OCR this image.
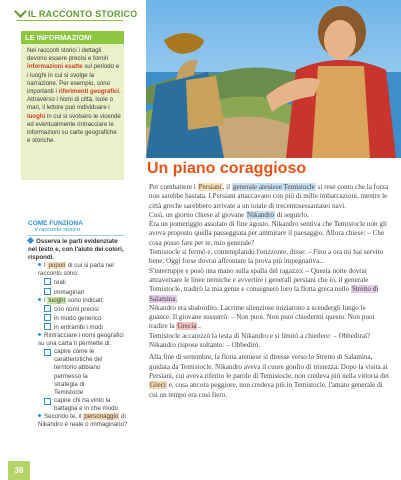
IL RACCONTO STORICO
LE INFORMAZIONI
Nei racconti storici i dettagli devono essere precisi e forniri informazioni esatte sul periodo e i luoghi in cui si svolge la narrazione. Per esempio, sono importanti i riferimenti geografici. Attraverso i nomi di città, isole o mari, il lettore può individuare i luoghi in cui si svolsero le vicende ed eventualmente rintracciare le informazioni su carte geografiche e storiche.
COME FUNZIONA
il racconto storico
Osserva le parti evidenziate nel testo e, con l'aiuto dei colori, rispondi.
I popoli di cui si parla nel racconto sono:
reali
immaginari
I luoghi sono indicati:
con nomi precisi
in modo generico
in entrambi i modi
Rintracciare i nomi geografici su una carta ti permette di:
capire come le caratteristiche del territorio abbiano permesso la strategia di Temistocle
capire chi ha vinto la battaglia e in che modo
Secondo te, il personaggio di Nikandro è reale o immaginario?
36
Un piano coraggioso

Per combattere i Persiani, il generale ateniese Temistocle si rese conto che la forza non sarebbe bastata. I Persiani attaccavano con più di mille imbarcazioni, mentre le città greche sarebbero arrivate a un totale di trecentosessantasei navi.
Così, un giorno chiese al giovane Nikandro di seguirlo.
Era un pomeriggio assolato di fine agosto. Nikandro sentiva che Temistocle non gli aveva proposto quella passeggiata per ammirare il paesaggio. Allora chiese: – Che cosa posso fare per te, mio generale?
Temistocle si fermò e, contemplando l'orizzonte, disse: – Fino a ora mi hai servito bene. Oggi forse dovrai affrontare la prova più impegnativa...
S'interruppe e posò una mano sulla spalla del ragazzo: – Questa notte dovrai attraversare le linee nemiche e avvertire i generali persiani che io, il generale Temistocle, tradirò la mia gente e consegnerò loro la flotta greca nello Stretto di Salamina.
Nikandro era sbalordito. Lacrime silenziose iniziarono a scendergli lungo le guance. Il giovane sussurrò: – Non puoi. Non puoi chiedermi questo. Non puoi tradire la Grecia..
Temistocle accarezzò la testa di Nikandro e si limitò a chiedere: – Obbedirai?
Nikandro rispose soltanto: – Obbedirò.

Alla fine di settembre, la flotta ateniese si diresse verso lo Stretto di Salamina, guidata da Temistocle. Nikandro aveva il cuore gonfio di tristezza. Dopo la visita ai Persiani, cui aveva riferito le parole di Temistocle, non credeva più nella vittoria dei Greci e, cosa ancora peggiore, non credeva più in Temistocle, l'amato generale di cui un tempo era così fiero.
